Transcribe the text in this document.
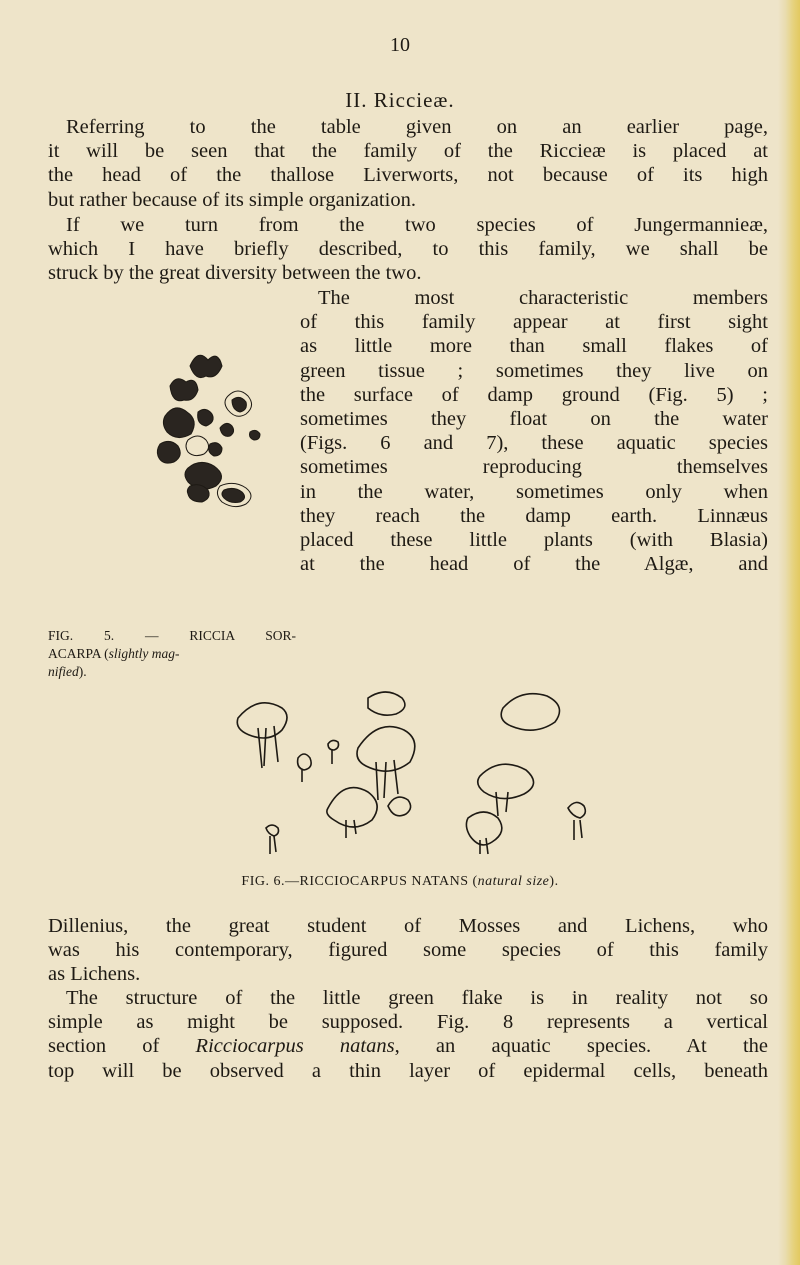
10
II. Ricciеæ.
Referring to the table given on an earlier page,
it will be seen that the family of the Ricciеæ is placed at
the head of the thallose Liverworts, not because of its high
but rather because of its simple organization.
If we turn from the two species of Jungermannieæ,
which I have briefly described, to this family, we shall be
struck by the great diversity between the two.
The most characteristic members
of this family appear at first sight
as little more than small flakes of
green tissue ; sometimes they live on
the surface of damp ground (Fig. 5) ;
sometimes they float on the water
(Figs. 6 and 7), these aquatic species
sometimes reproducing themselves
in the water, sometimes only when
they reach the damp earth. Linnæus
placed these little plants (with Blasia)
at the head of the Algæ, and
FIG. 5. — RICCIA SOR-
ACARPA (slightly mag-
nified).
FIG. 6.—RICCIOCARPUS NATANS (natural size).
Dillenius, the great student of Mosses and Lichens, who
was his contemporary, figured some species of this family
as Lichens.
The structure of the little green flake is in reality not so
simple as might be supposed. Fig. 8 represents a vertical
section of Ricciocarpus natans, an aquatic species. At the
top will be observed a thin layer of epidermal cells, beneath
